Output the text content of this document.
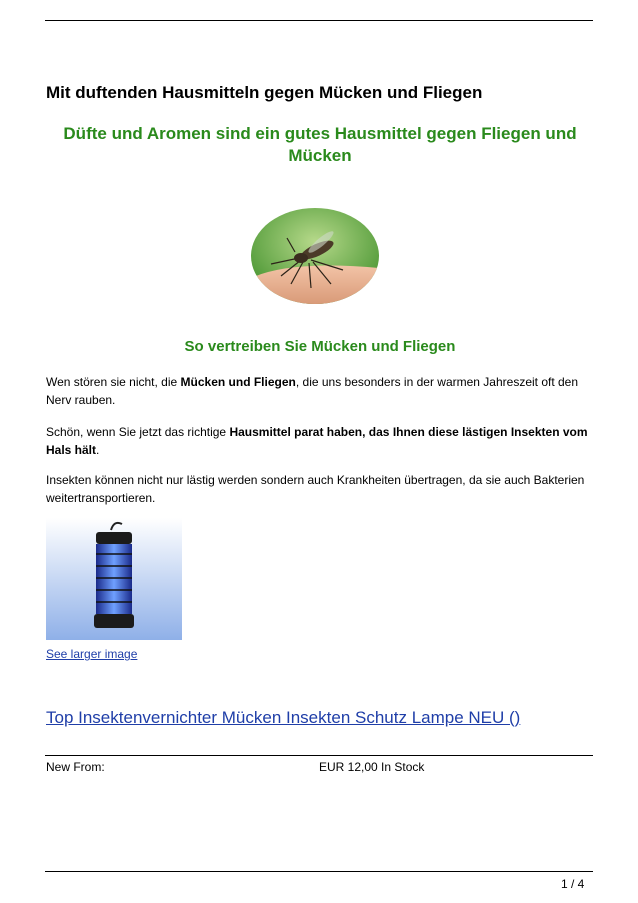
Mit duftenden Hausmitteln gegen Mücken und Fliegen
Düfte und Aromen sind ein gutes Hausmittel gegen Fliegen und Mücken
So vertreiben Sie Mücken und Fliegen
Wen stören sie nicht, die Mücken und Fliegen, die uns besonders in der warmen Jahreszeit oft den Nerv rauben.
Schön, wenn Sie jetzt das richtige Hausmittel parat haben, das Ihnen diese lästigen Insekten vom Hals hält.
Insekten können nicht nur lästig werden sondern auch Krankheiten übertragen, da sie auch Bakterien weitertransportieren.
See larger image
Top Insektenvernichter Mücken Insekten Schutz Lampe NEU ()
New From:	EUR 12,00 In Stock
1 / 4
